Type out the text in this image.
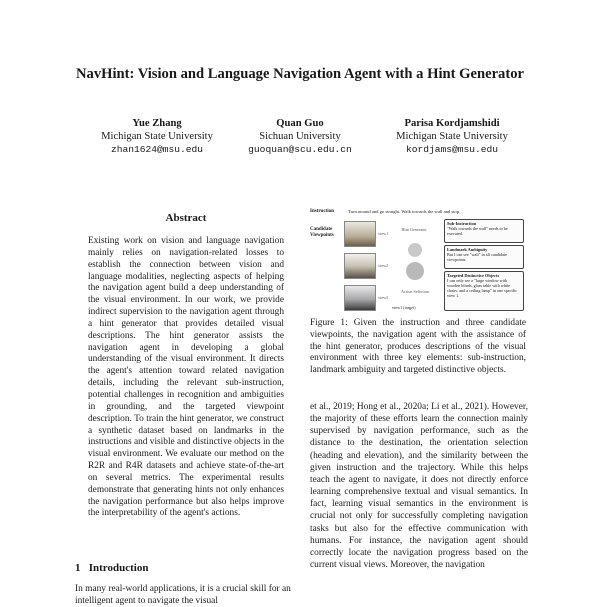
NavHint: Vision and Language Navigation Agent with a Hint Generator
Yue Zhang
Michigan State University
zhan1624@msu.edu
Quan Guo
Sichuan University
guoquan@scu.edu.cn
Parisa Kordjamshidi
Michigan State University
kordjams@msu.edu
Abstract
Existing work on vision and language navigation mainly relies on navigation-related losses to establish the connection between vision and language modalities, neglecting aspects of helping the navigation agent build a deep understanding of the visual environment. In our work, we provide indirect supervision to the navigation agent through a hint generator that provides detailed visual descriptions. The hint generator assists the navigation agent in developing a global understanding of the visual environment. It directs the agent's attention toward related navigation details, including the relevant sub-instruction, potential challenges in recognition and ambiguities in grounding, and the targeted viewpoint description. To train the hint generator, we construct a synthetic dataset based on landmarks in the instructions and visible and distinctive objects in the visual environment. We evaluate our method on the R2R and R4R datasets and achieve state-of-the-art on several metrics. The experimental results demonstrate that generating hints not only enhances the navigation performance but also helps improve the interpretability of the agent's actions.
1 Introduction
In many real-world applications, it is a crucial skill for an intelligent agent to navigate the visual
Instruction	Turn around and go straight. Walk towards the wall and stop.
Candidate Viewpoints	view1
view2
view3
Hint Generator
Action Selection
view1 (target)
Sub-Instruction
"Walk towards the wall" needs to be executed.
Landmark Ambiguity
But I can see "wall" in all candidate viewpoints.
Targeted Distinctive Objects
I can only see a "large window with wooden blinds, glass table with white chairs, and a ceiling lamp" in one specific view 1.
Figure 1: Given the instruction and three candidate viewpoints, the navigation agent with the assistance of the hint generator, produces descriptions of the visual environment with three key elements: sub-instruction, landmark ambiguity and targeted distinctive objects.
et al., 2019; Hong et al., 2020a; Li et al., 2021). However, the majority of these efforts learn the connection mainly supervised by navigation performance, such as the distance to the destination, the orientation selection (heading and elevation), and the similarity between the given instruction and the trajectory. While this helps teach the agent to navigate, it does not directly enforce learning comprehensive textual and visual semantics. In fact, learning visual semantics in the environment is crucial not only for successfully completing navigation tasks but also for the effective communication with humans. For instance, the navigation agent should correctly locate the navigation progress based on the current visual views. Moreover, the navigation
